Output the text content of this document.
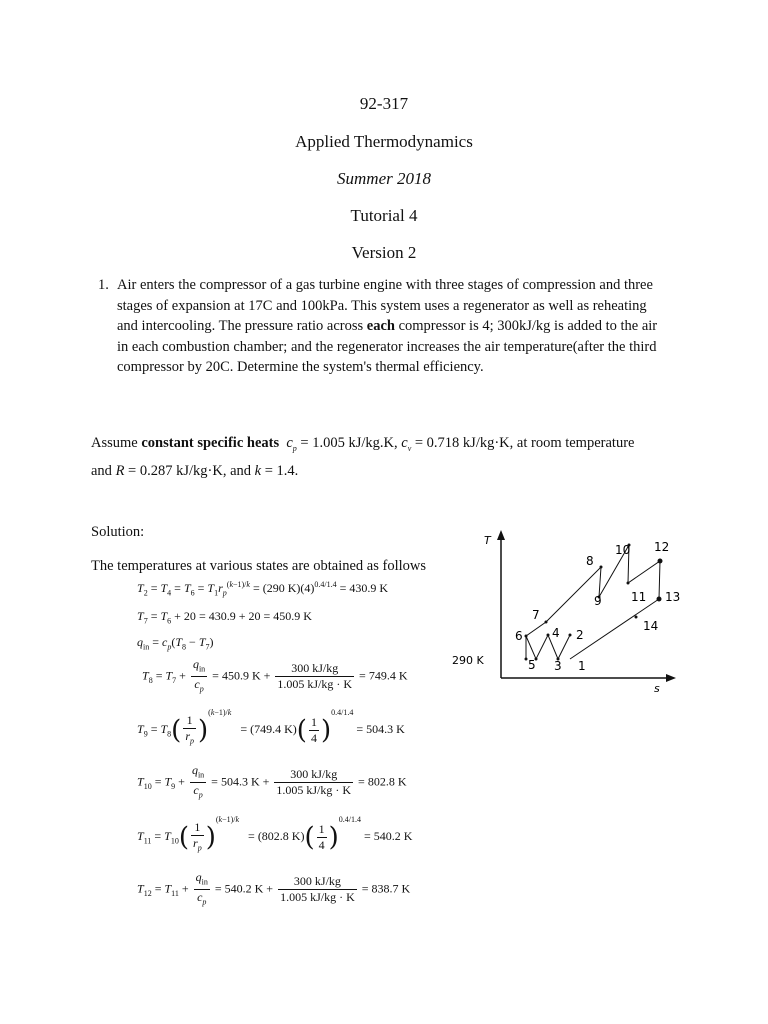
92-317
Applied Thermodynamics
Summer 2018
Tutorial 4
Version 2
1. Air enters the compressor of a gas turbine engine with three stages of compression and three stages of expansion at 17C and 100kPa. This system uses a regenerator as well as reheating and intercooling. The pressure ratio across each compressor is 4; 300kJ/kg is added to the air in each combustion chamber; and the regenerator increases the air temperature(after the third compressor by 20C. Determine the system's thermal efficiency.
Assume constant specific heats $c_p = 1.005$ kJ/kg.K, $c_v = 0.718$ kJ/kg·K, at room temperature
and R = 0.287 kJ/kg·K, and k = 1.4.
Solution:
The temperatures at various states are obtained as follows
$T_2 = T_4 = T_6 = T_1r_p^{(k-1)/k} = (290$ $K)(4)^{0.4/1.4} = 430.9$ K
$T_7 = T_6 + 20 = 430.9 + 20 = 450.9$ K
$q_{in} = c_p(T_8 - T_7)$
$T_8 = T_7 + \frac{q_{in}}{c_p} = 450.9$ $K + \frac{300 kJ/kg}{1.005 kJ/kg \cdot K} = 749.4$ K
$T_9 = T_8( \frac{1}{r_p} )^{(k-1)/k} = (749.4$ $K)( \frac{1}{4} )^{0.4/1.4} = 504.3$ K
$T_{10} = T_9 + \frac{q_{in}}{c_p} = 504.3$ $K + \frac{300 kJ/kg}{1.005 kJ/kg \cdot K} = 802.8$ K
$T_{11} = T_{10}( \frac{1}{r_p} )^{(k-1)/k} = (802.8$ $K)( \frac{1}{4} )^{0.4/1.4} = 540.2$ K
$T_{12} = T_{11} + \frac{q_{in}}{c_p} = 540.2$ $K + \frac{300 kJ/kg}{1.005 kJ/kg \cdot K} = 838.7$ K
T
s
290 K	1
2
3
4
5
6
7
8
9
10
11
12
13
14
